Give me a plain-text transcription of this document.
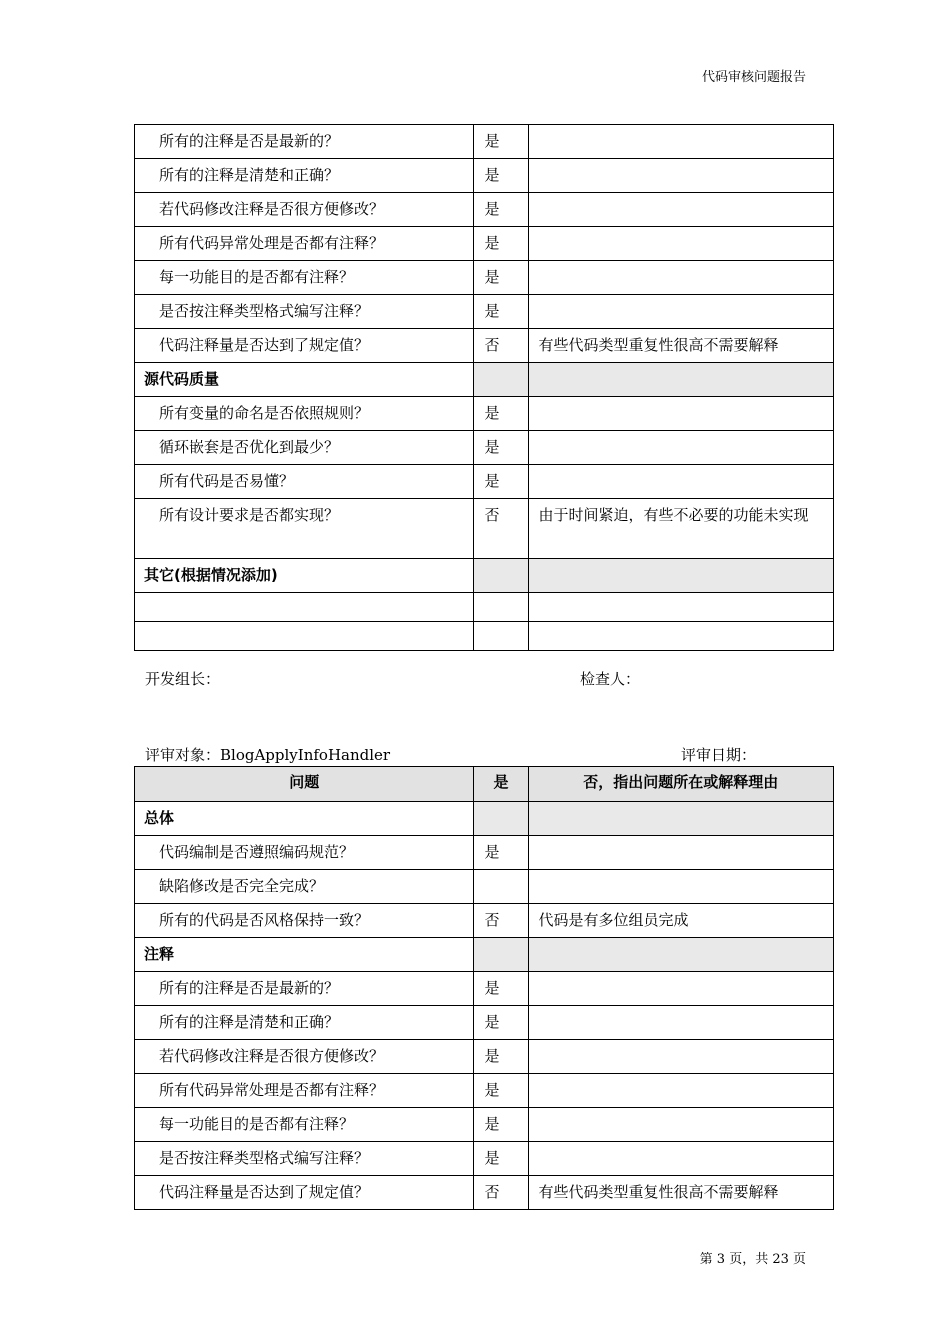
代码审核问题报告
所有的注释是否是最新的？	是	
所有的注释是清楚和正确？	是	
若代码修改注释是否很方便修改？	是	
所有代码异常处理是否都有注释？	是	
每一功能目的是否都有注释？	是	
是否按注释类型格式编写注释？	是	
代码注释量是否达到了规定值？	否	有些代码类型重复性很高不需要解释
源代码质量		
所有变量的命名是否依照规则？	是	
循环嵌套是否优化到最少？	是	
所有代码是否易懂？	是	
所有设计要求是否都实现？	否	由于时间紧迫，有些不必要的功能未实现
其它(根据情况添加)		

开发组长：	检查人：
评审对象：BlogApplyInfoHandler	评审日期：
问题	是	否，指出问题所在或解释理由
总体		
代码编制是否遵照编码规范？	是	
缺陷修改是否完全完成？		
所有的代码是否风格保持一致？	否	代码是有多位组员完成
注释		
所有的注释是否是最新的？	是	
所有的注释是清楚和正确？	是	
若代码修改注释是否很方便修改？	是	
所有代码异常处理是否都有注释？	是	
每一功能目的是否都有注释？	是	
是否按注释类型格式编写注释？	是	
代码注释量是否达到了规定值？	否	有些代码类型重复性很高不需要解释
第 3 页，共 23 页
